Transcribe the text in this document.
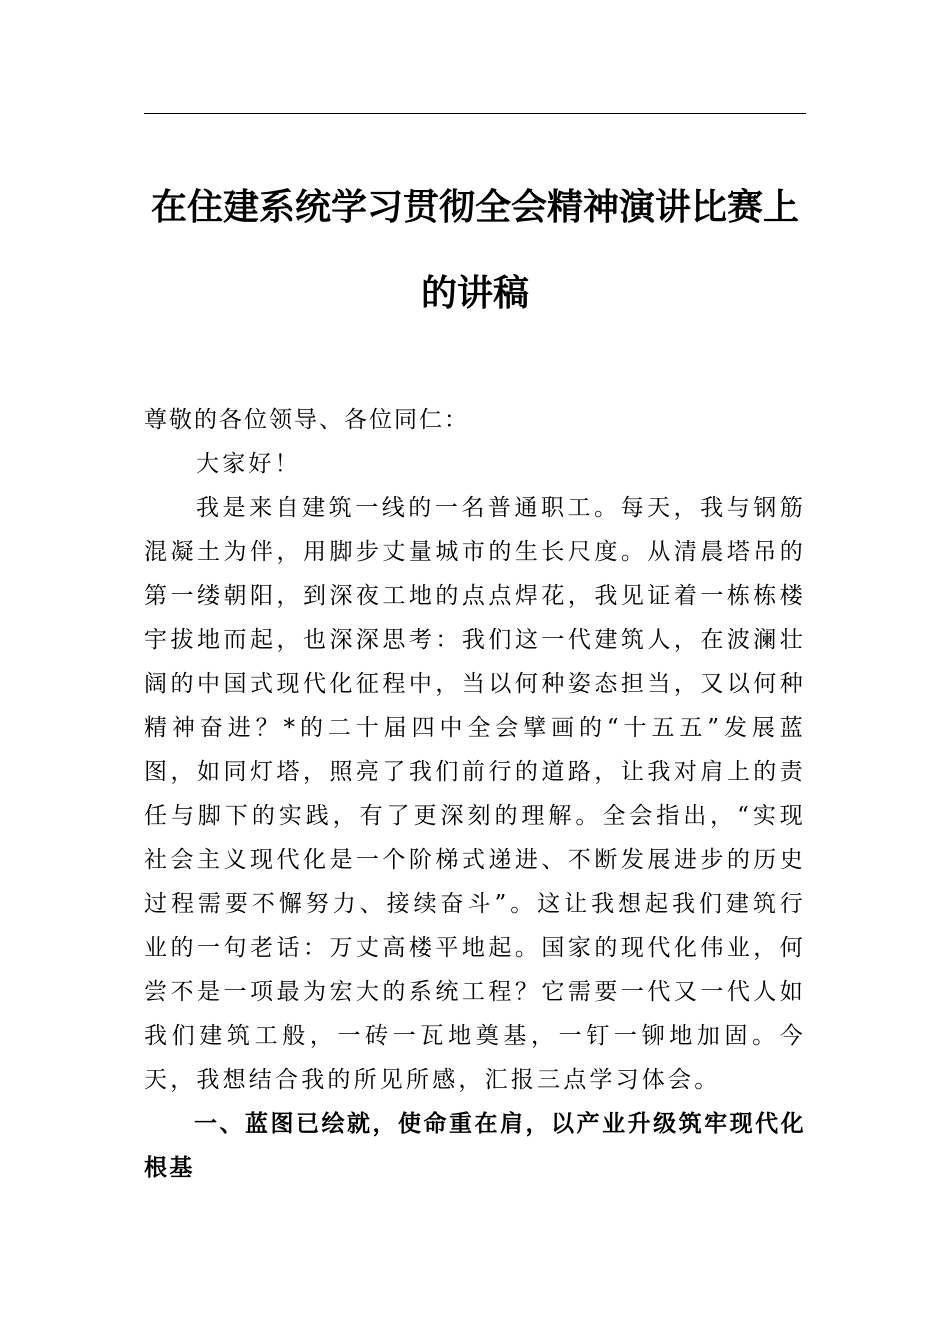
在住建系统学习贯彻全会精神演讲比赛上的讲稿

尊敬的各位领导、各位同仁：

大家好！

我是来自建筑一线的一名普通职工。每天，我与钢筋混凝土为伴，用脚步丈量城市的生长尺度。从清晨塔吊的第一缕朝阳，到深夜工地的点点焊花，我见证着一栋栋楼宇拔地而起，也深深思考：我们这一代建筑人，在波澜壮阔的中国式现代化征程中，当以何种姿态担当，又以何种精神奋进？*的二十届四中全会擘画的“十五五”发展蓝图，如同灯塔，照亮了我们前行的道路，让我对肩上的责任与脚下的实践，有了更深刻的理解。全会指出，“实现社会主义现代化是一个阶梯式递进、不断发展进步的历史过程需要不懈努力、接续奋斗”。这让我想起我们建筑行业的一句老话：万丈高楼平地起。国家的现代化伟业，何尝不是一项最为宏大的系统工程？它需要一代又一代人如我们建筑工般，一砖一瓦地奠基，一钉一铆地加固。今天，我想结合我的所见所感，汇报三点学习体会。

一、蓝图已绘就，使命重在肩，以产业升级筑牢现代化根基
